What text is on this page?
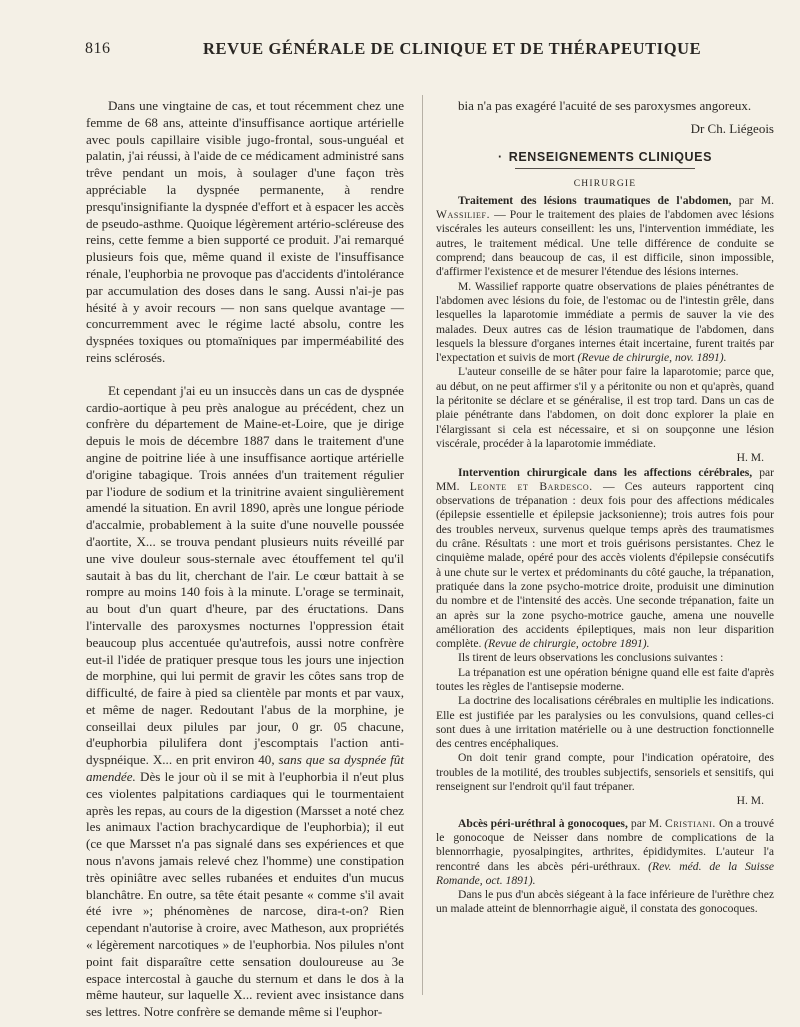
816	REVUE GÉNÉRALE DE CLINIQUE ET DE THÉRAPEUTIQUE

Dans une vingtaine de cas, et tout récemment chez une femme de 68 ans, atteinte d'insuffisance aortique artérielle avec pouls capillaire visible jugo-frontal, sous-unguéal et palatin, j'ai réussi, à l'aide de ce médicament administré sans trêve pendant un mois, à soulager d'une façon très appréciable la dyspnée permanente, à rendre presqu'insignifiante la dyspnée d'effort et à espacer les accès de pseudo-asthme. Quoique légèrement artério-scléreuse des reins, cette femme a bien supporté ce produit. J'ai remarqué plusieurs fois que, même quand il existe de l'insuffisance rénale, l'euphorbia ne provoque pas d'accidents d'intolérance par accumulation des doses dans le sang. Aussi n'ai-je pas hésité à y avoir recours — non sans quelque avantage — concurremment avec le régime lacté absolu, contre les dyspnées toxiques ou ptomaïniques par imperméabilité des reins sclérosés.

Et cependant j'ai eu un insuccès dans un cas de dyspnée cardio-aortique à peu près analogue au précédent, chez un confrère du département de Maine-et-Loire, que je dirige depuis le mois de décembre 1887 dans le traitement d'une angine de poitrine liée à une insuffisance aortique artérielle d'origine tabagique. Trois années d'un traitement régulier par l'iodure de sodium et la trinitrine avaient singulièrement amendé la situation. En avril 1890, après une longue période d'accalmie, probablement à la suite d'une nouvelle poussée d'aortite, X... se trouva pendant plusieurs nuits réveillé par une vive douleur sous-sternale avec étouffement tel qu'il sautait à bas du lit, cherchant de l'air. Le cœur battait à se rompre au moins 140 fois à la minute. L'orage se terminait, au bout d'un quart d'heure, par des éructations. Dans l'intervalle des paroxysmes nocturnes l'oppression était beaucoup plus accentuée qu'autrefois, aussi notre confrère eut-il l'idée de pratiquer presque tous les jours une injection de morphine, qui lui permit de gravir les côtes sans trop de difficulté, de faire à pied sa clientèle par monts et par vaux, et même de nager. Redoutant l'abus de la morphine, je conseillai deux pilules par jour, 0 gr. 05 chacune, d'euphorbia pilulifera dont j'escomptais l'action anti-dyspnéique. X... en prit environ 40, sans que sa dyspnée fût amendée. Dès le jour où il se mit à l'euphorbia il n'eut plus ces violentes palpitations cardiaques qui le tourmentaient après les repas, au cours de la digestion (Marsset a noté chez les animaux l'action brachycardique de l'euphorbia); il eut (ce que Marsset n'a pas signalé dans ses expériences et que nous n'avons jamais relevé chez l'homme) une constipation très opiniâtre avec selles rubanées et enduites d'un mucus blanchâtre. En outre, sa tête était pesante « comme s'il avait été ivre »; phénomènes de narcose, dira-t-on? Rien cependant n'autorise à croire, avec Matheson, aux propriétés « légèrement narcotiques » de l'euphorbia. Nos pilules n'ont point fait disparaître cette sensation douloureuse au 3e espace intercostal à gauche du sternum et dans le dos à la même hauteur, sur laquelle X... revient avec insistance dans ses lettres. Notre confrère se demande même si l'euphor-

bia n'a pas exagéré l'acuité de ses paroxysmes angoreux.

Dr Ch. Liégeois
· RENSEIGNEMENTS CLINIQUES
CHIRURGIE

Traitement des lésions traumatiques de l'abdomen, par M. Wassilief. — Pour le traitement des plaies de l'abdomen avec lésions viscérales les auteurs conseillent: les uns, l'intervention immédiate, les autres, le traitement médical. Une telle différence de conduite se comprend; dans beaucoup de cas, il est difficile, sinon impossible, d'affirmer l'existence et de mesurer l'étendue des lésions internes.

M. Wassilief rapporte quatre observations de plaies pénétrantes de l'abdomen avec lésions du foie, de l'estomac ou de l'intestin grêle, dans lesquelles la laparotomie immédiate a permis de sauver la vie des malades. Deux autres cas de lésion traumatique de l'abdomen, dans lesquels la blessure d'organes internes était incertaine, furent traités par l'expectation et suivis de mort (Revue de chirurgie, nov. 1891).

L'auteur conseille de se hâter pour faire la laparotomie; parce que, au début, on ne peut affirmer s'il y a péritonite ou non et qu'après, quand la péritonite se déclare et se généralise, il est trop tard. Dans un cas de plaie pénétrante dans l'abdomen, on doit donc explorer la plaie en l'élargissant si cela est nécessaire, et si on soupçonne une lésion viscérale, procéder à la laparotomie immédiate.

H. M.

Intervention chirurgicale dans les affections cérébrales, par MM. Leonte et Bardesco. — Ces auteurs rapportent cinq observations de trépanation : deux fois pour des affections médicales (épilepsie essentielle et épilepsie jacksonienne); trois autres fois pour des troubles nerveux, survenus quelque temps après des traumatismes du crâne. Résultats : une mort et trois guérisons persistantes. Chez le cinquième malade, opéré pour des accès violents d'épilepsie consécutifs à une chute sur le vertex et prédominants du côté gauche, la trépanation, pratiquée dans la zone psycho-motrice droite, produisit une diminution du nombre et de l'intensité des accès. Une seconde trépanation, faite un an après sur la zone psycho-motrice gauche, amena une nouvelle amélioration des accidents épileptiques, mais non leur disparition complète. (Revue de chirurgie, octobre 1891).

Ils tirent de leurs observations les conclusions suivantes :

La trépanation est une opération bénigne quand elle est faite d'après toutes les règles de l'antisepsie moderne.

La doctrine des localisations cérébrales en multiplie les indications. Elle est justifiée par les paralysies ou les convulsions, quand celles-ci sont dues à une irritation matérielle ou à une destruction fonctionnelle des centres encéphaliques.

On doit tenir grand compte, pour l'indication opératoire, des troubles de la motilité, des troubles subjectifs, sensoriels et sensitifs, qui renseignent sur l'endroit qu'il faut trépaner.

H. M.

Abcès péri-uréthral à gonocoques, par M. Cristiani. On a trouvé le gonocoque de Neisser dans nombre de complications de la blennorrhagie, pyosalpingites, arthrites, épididymites. L'auteur l'a rencontré dans les abcès péri-uréthraux. (Rev. méd. de la Suisse Romande, oct. 1891).

Dans le pus d'un abcès siégeant à la face inférieure de l'urèthre chez un malade atteint de blennorrhagie aiguë, il constata des gonocoques.
